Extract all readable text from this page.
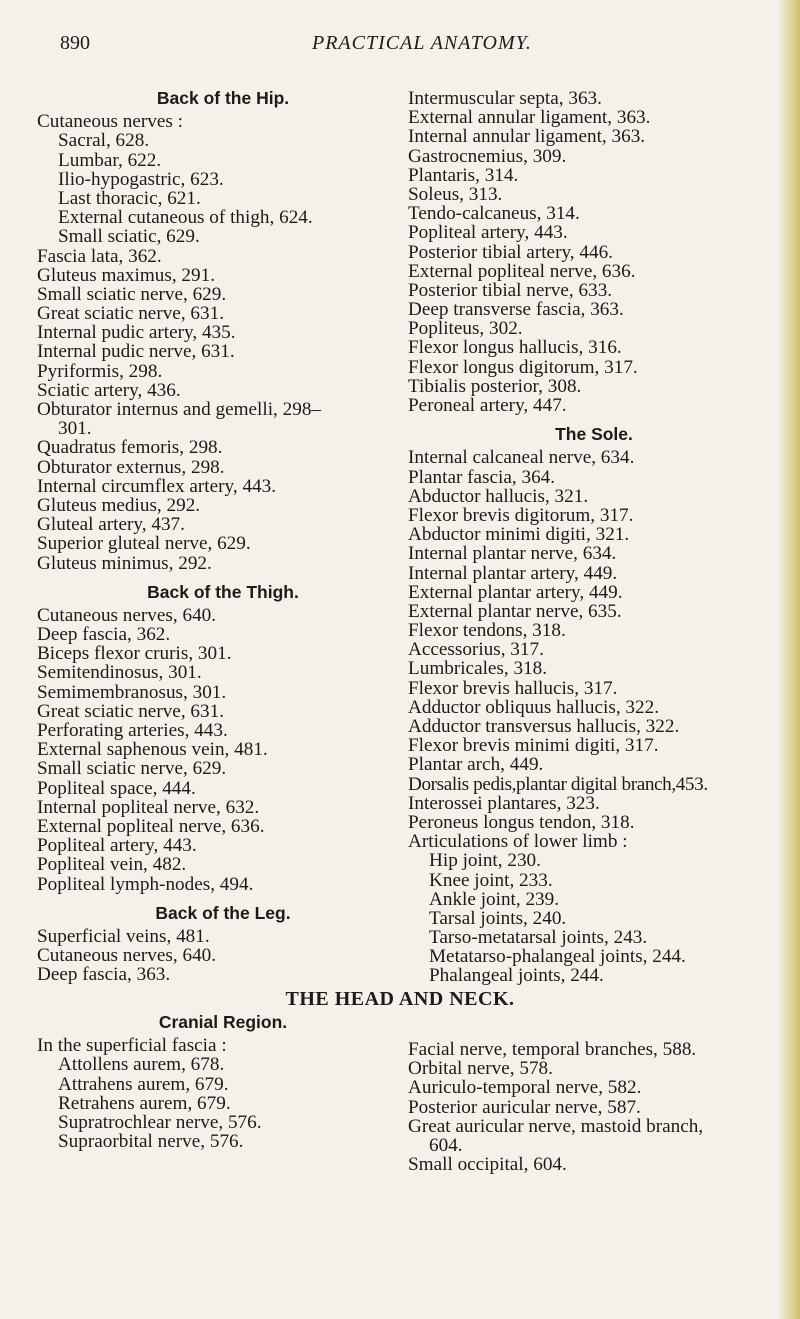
890	PRACTICAL ANATOMY.
Back of the Hip.
Cutaneous nerves :
Sacral, 628.
Lumbar, 622.
Ilio-hypogastric, 623.
Last thoracic, 621.
External cutaneous of thigh, 624.
Small sciatic, 629.
Fascia lata, 362.
Gluteus maximus, 291.
Small sciatic nerve, 629.
Great sciatic nerve, 631.
Internal pudic artery, 435.
Internal pudic nerve, 631.
Pyriformis, 298.
Sciatic artery, 436.
Obturator internus and gemelli, 298–
301.
Quadratus femoris, 298.
Obturator externus, 298.
Internal circumflex artery, 443.
Gluteus medius, 292.
Gluteal artery, 437.
Superior gluteal nerve, 629.
Gluteus minimus, 292.
Back of the Thigh.
Cutaneous nerves, 640.
Deep fascia, 362.
Biceps flexor cruris, 301.
Semitendinosus, 301.
Semimembranosus, 301.
Great sciatic nerve, 631.
Perforating arteries, 443.
External saphenous vein, 481.
Small sciatic nerve, 629.
Popliteal space, 444.
Internal popliteal nerve, 632.
External popliteal nerve, 636.
Popliteal artery, 443.
Popliteal vein, 482.
Popliteal lymph-nodes, 494.
Back of the Leg.
Superficial veins, 481.
Cutaneous nerves, 640.
Deep fascia, 363.
Intermuscular septa, 363.
External annular ligament, 363.
Internal annular ligament, 363.
Gastrocnemius, 309.
Plantaris, 314.
Soleus, 313.
Tendo-calcaneus, 314.
Popliteal artery, 443.
Posterior tibial artery, 446.
External popliteal nerve, 636.
Posterior tibial nerve, 633.
Deep transverse fascia, 363.
Popliteus, 302.
Flexor longus hallucis, 316.
Flexor longus digitorum, 317.
Tibialis posterior, 308.
Peroneal artery, 447.
The Sole.
Internal calcaneal nerve, 634.
Plantar fascia, 364.
Abductor hallucis, 321.
Flexor brevis digitorum, 317.
Abductor minimi digiti, 321.
Internal plantar nerve, 634.
Internal plantar artery, 449.
External plantar artery, 449.
External plantar nerve, 635.
Flexor tendons, 318.
Accessorius, 317.
Lumbricales, 318.
Flexor brevis hallucis, 317.
Adductor obliquus hallucis, 322.
Adductor transversus hallucis, 322.
Flexor brevis minimi digiti, 317.
Plantar arch, 449.
Dorsalis pedis,plantar digital branch,453.
Interossei plantares, 323.
Peroneus longus tendon, 318.
Articulations of lower limb :
Hip joint, 230.
Knee joint, 233.
Ankle joint, 239.
Tarsal joints, 240.
Tarso-metatarsal joints, 243.
Metatarso-phalangeal joints, 244.
Phalangeal joints, 244.
THE HEAD AND NECK.
Cranial Region.
In the superficial fascia :
Attollens aurem, 678.
Attrahens aurem, 679.
Retrahens aurem, 679.
Supratrochlear nerve, 576.
Supraorbital nerve, 576.
Facial nerve, temporal branches, 588.
Orbital nerve, 578.
Auriculo-temporal nerve, 582.
Posterior auricular nerve, 587.
Great auricular nerve, mastoid branch,
604.
Small occipital, 604.
